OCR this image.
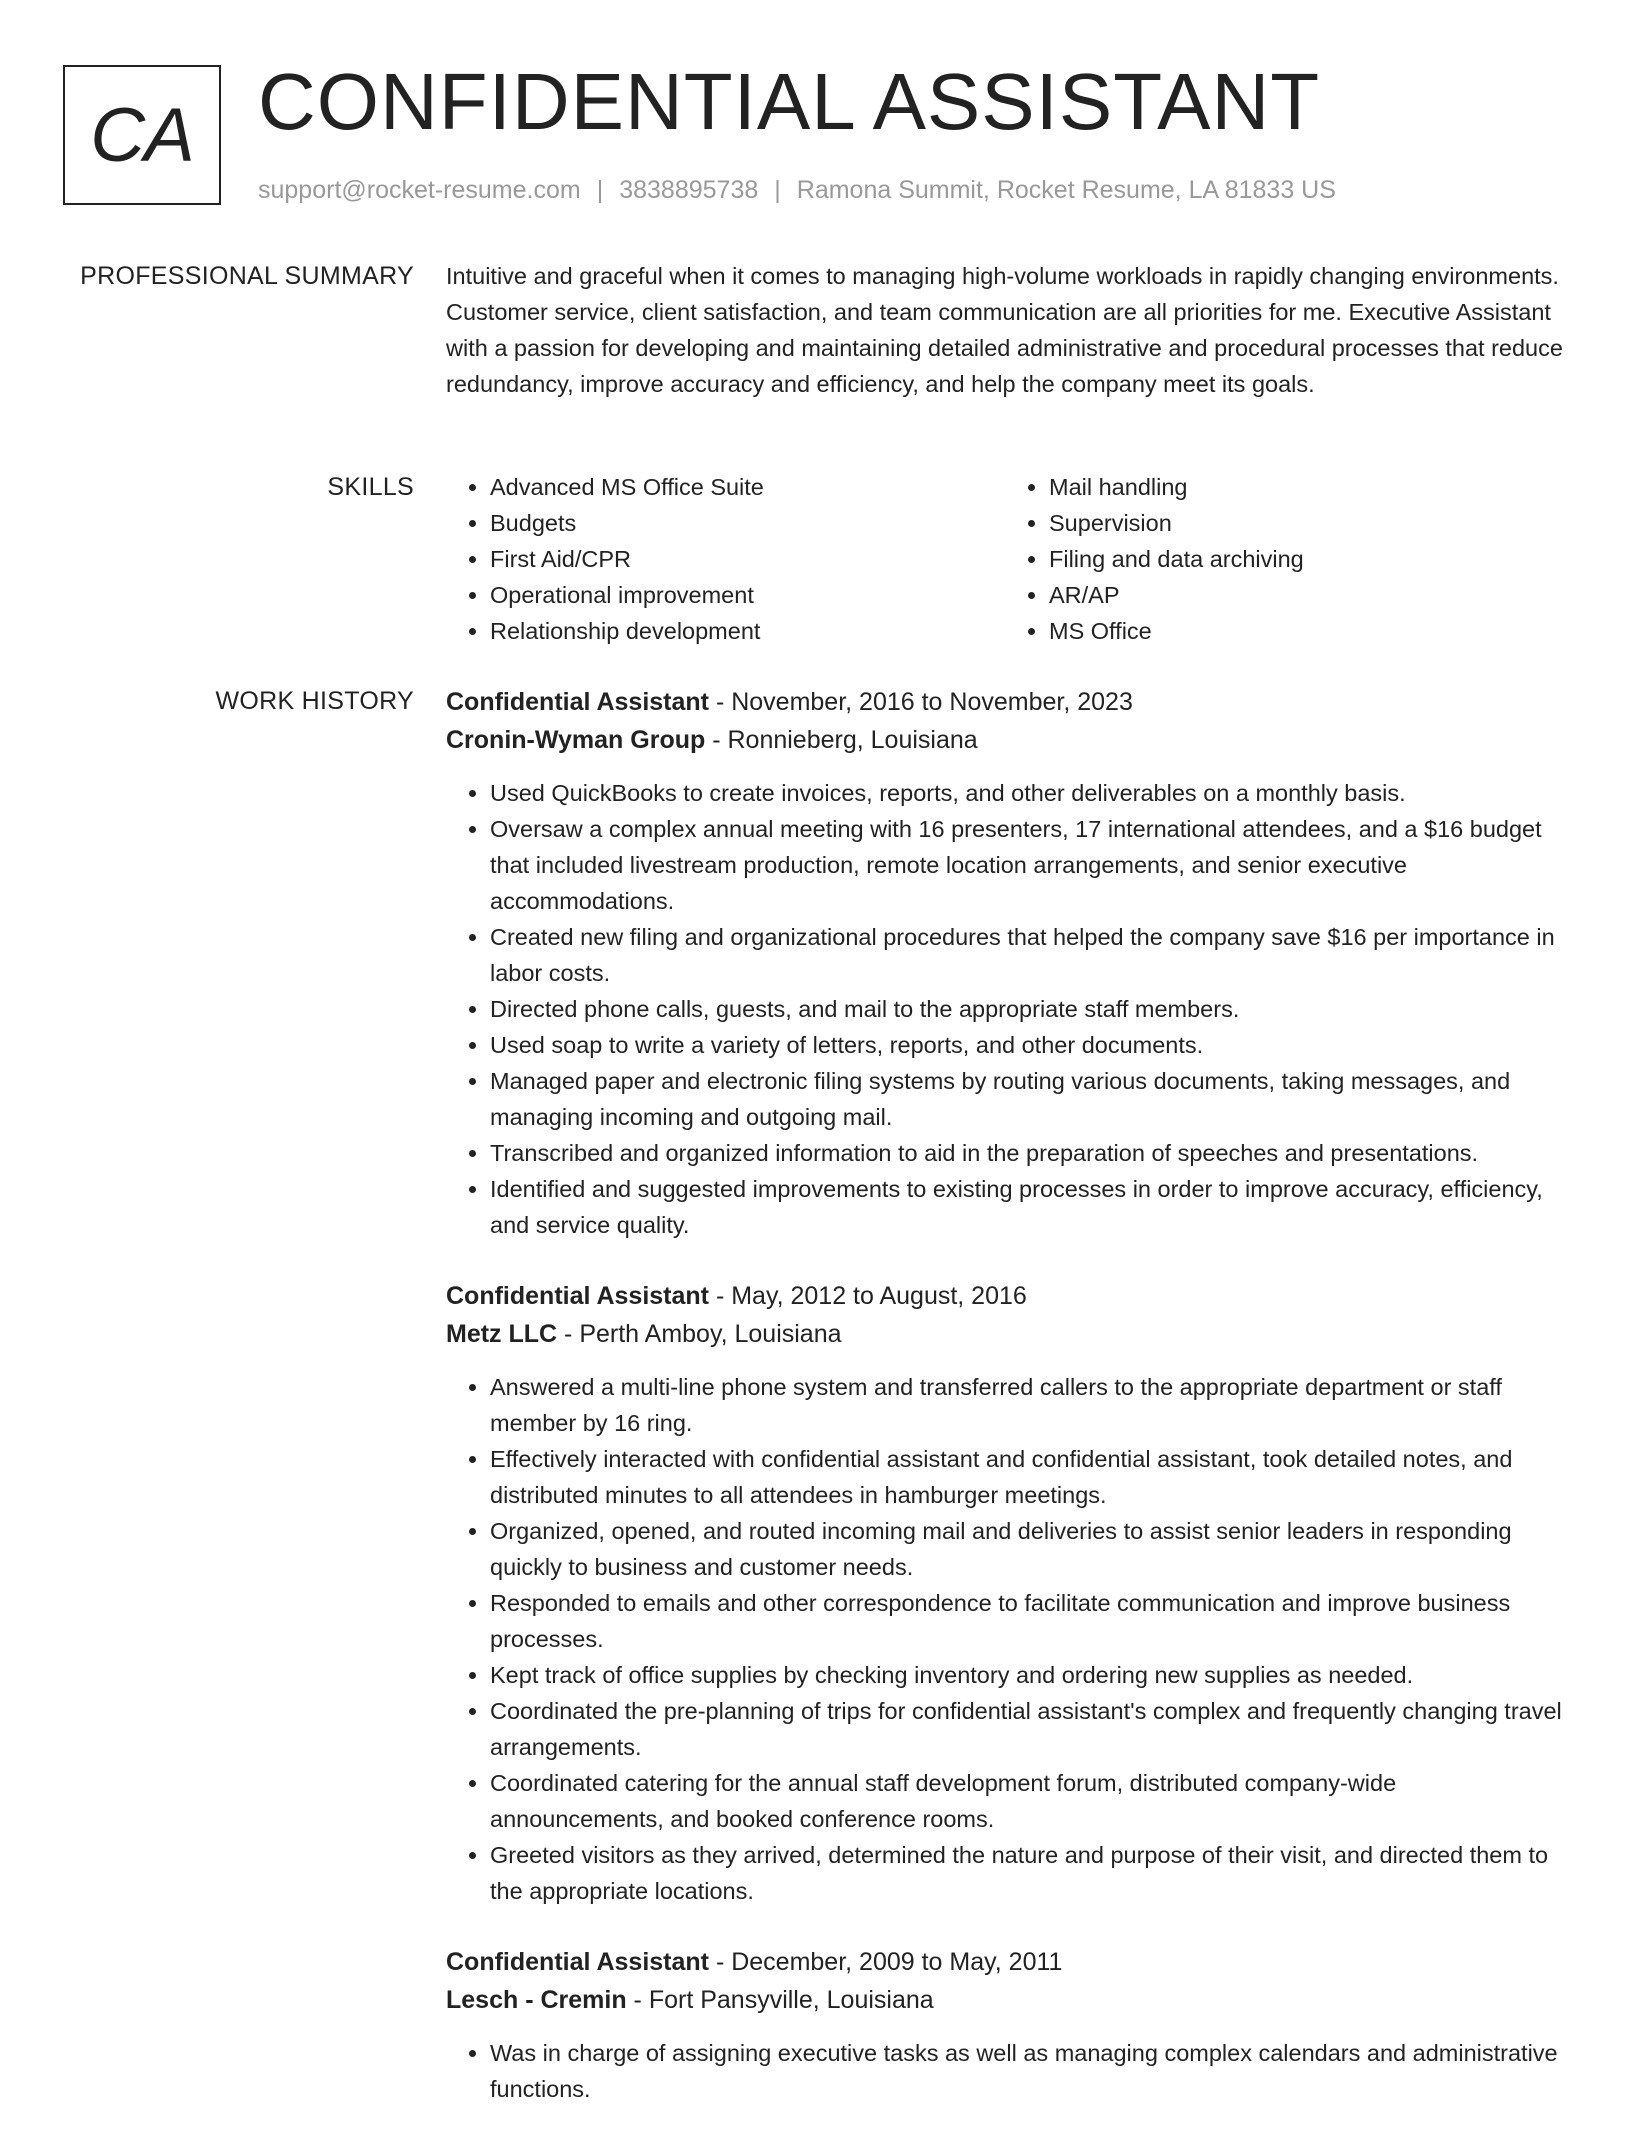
CA CONFIDENTIAL ASSISTANT
support@rocket-resume.com | 3838895738 | Ramona Summit, Rocket Resume, LA 81833 US
PROFESSIONAL SUMMARY Intuitive and graceful when it comes to managing high-volume workloads in rapidly changing environments. Customer service, client satisfaction, and team communication are all priorities for me. Executive Assistant with a passion for developing and maintaining detailed administrative and procedural processes that reduce redundancy, improve accuracy and efficiency, and help the company meet its goals.

SKILLS
•	Advanced MS Office Suite
• Budgets
• First Aid/CPR
• Operational improvement
• Relationship development
• Mail handling
• Supervision
• Filing and data archiving
• AR/AP
• MS Office
WORK HISTORY Confidential Assistant - November, 2016 to November, 2023
Cronin-Wyman Group - Ronnieberg, Louisiana
• Used QuickBooks to create invoices, reports, and other deliverables on a monthly basis.
• Oversaw a complex annual meeting with 16 presenters, 17 international attendees, and a $16 budget that included livestream production, remote location arrangements, and senior executive accommodations.
• Created new filing and organizational procedures that helped the company save $16 per importance in labor costs.
• Directed phone calls, guests, and mail to the appropriate staff members.
• Used soap to write a variety of letters, reports, and other documents.
• Managed paper and electronic filing systems by routing various documents, taking messages, and managing incoming and outgoing mail.
• Transcribed and organized information to aid in the preparation of speeches and presentations.
• Identified and suggested improvements to existing processes in order to improve accuracy, efficiency, and service quality.
Confidential Assistant - May, 2012 to August, 2016
Metz LLC - Perth Amboy, Louisiana
• Answered a multi-line phone system and transferred callers to the appropriate department or staff member by 16 ring.
• Effectively interacted with confidential assistant and confidential assistant, took detailed notes, and distributed minutes to all attendees in hamburger meetings.
• Organized, opened, and routed incoming mail and deliveries to assist senior leaders in responding quickly to business and customer needs.
• Responded to emails and other correspondence to facilitate communication and improve business processes.
• Kept track of office supplies by checking inventory and ordering new supplies as needed.
• Coordinated the pre-planning of trips for confidential assistant's complex and frequently changing travel arrangements.
• Coordinated catering for the annual staff development forum, distributed company-wide announcements, and booked conference rooms.
• Greeted visitors as they arrived, determined the nature and purpose of their visit, and directed them to the appropriate locations.
Confidential Assistant - December, 2009 to May, 2011
Lesch - Cremin - Fort Pansyville, Louisiana
• Was in charge of assigning executive tasks as well as managing complex calendars and administrative functions.
